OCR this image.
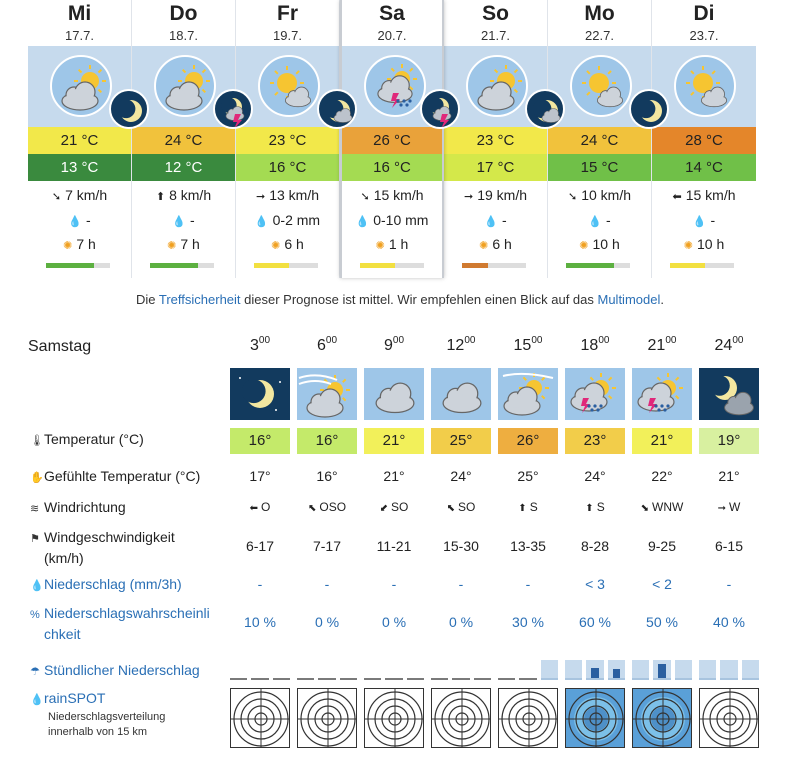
Mi
17.7.
21 °C
13 °C
➘ 7 km/h
💧 -
✺ 7 h
Do
18.7.
24 °C
12 °C
⬆ 8 km/h
💧 -
✺ 7 h
Fr
19.7.
23 °C
16 °C
➞ 13 km/h
💧 0-2 mm
✺ 6 h
Sa
20.7.
26 °C
16 °C
➘ 15 km/h
💧 0-10 mm
✺ 1 h
So
21.7.
23 °C
17 °C
➞ 19 km/h
💧 -
✺ 6 h
Mo
22.7.
24 °C
15 °C
➘ 10 km/h
💧 -
✺ 10 h
Di
23.7.
28 °C
14 °C
⬅ 15 km/h
💧 -
✺ 10 h
Die Treffsicherheit dieser Prognose ist mittel. Wir empfehlen einen Blick auf das Multimodel.
Samstag
🌡Temperatur (°C)
✋Gefühlte Temperatur (°C)
≋ Windrichtung
⚑ Windgeschwindigkeit
(km/h)
💧Niederschlag (mm/3h)
% Niederschlagswahrscheinli
chkeit
☂ Stündlicher Niederschlag
💧rainSPOT
Niederschlagsverteilung
innerhalb von 15 km
$3^{00}$
16°
17°
⬅ O
6-17
-
10 %
$6^{00}$
16°
16°
⬉ OSO
7-17
-
0 %
$9^{00}$
21°
21°
⬋ SO
11-21
-
0 %
$12^{00}$
25°
24°
⬉ SO
15-30
-
0 %
$15^{00}$
26°
25°
⬆ S
13-35
-
30 %
$18^{00}$
23°
24°
⬆ S
8-28
< 3
60 %
$21^{00}$
21°
22°
⬊ WNW
9-25
< 2
50 %
$24^{00}$
19°
21°
➞ W
6-15
-
40 %
